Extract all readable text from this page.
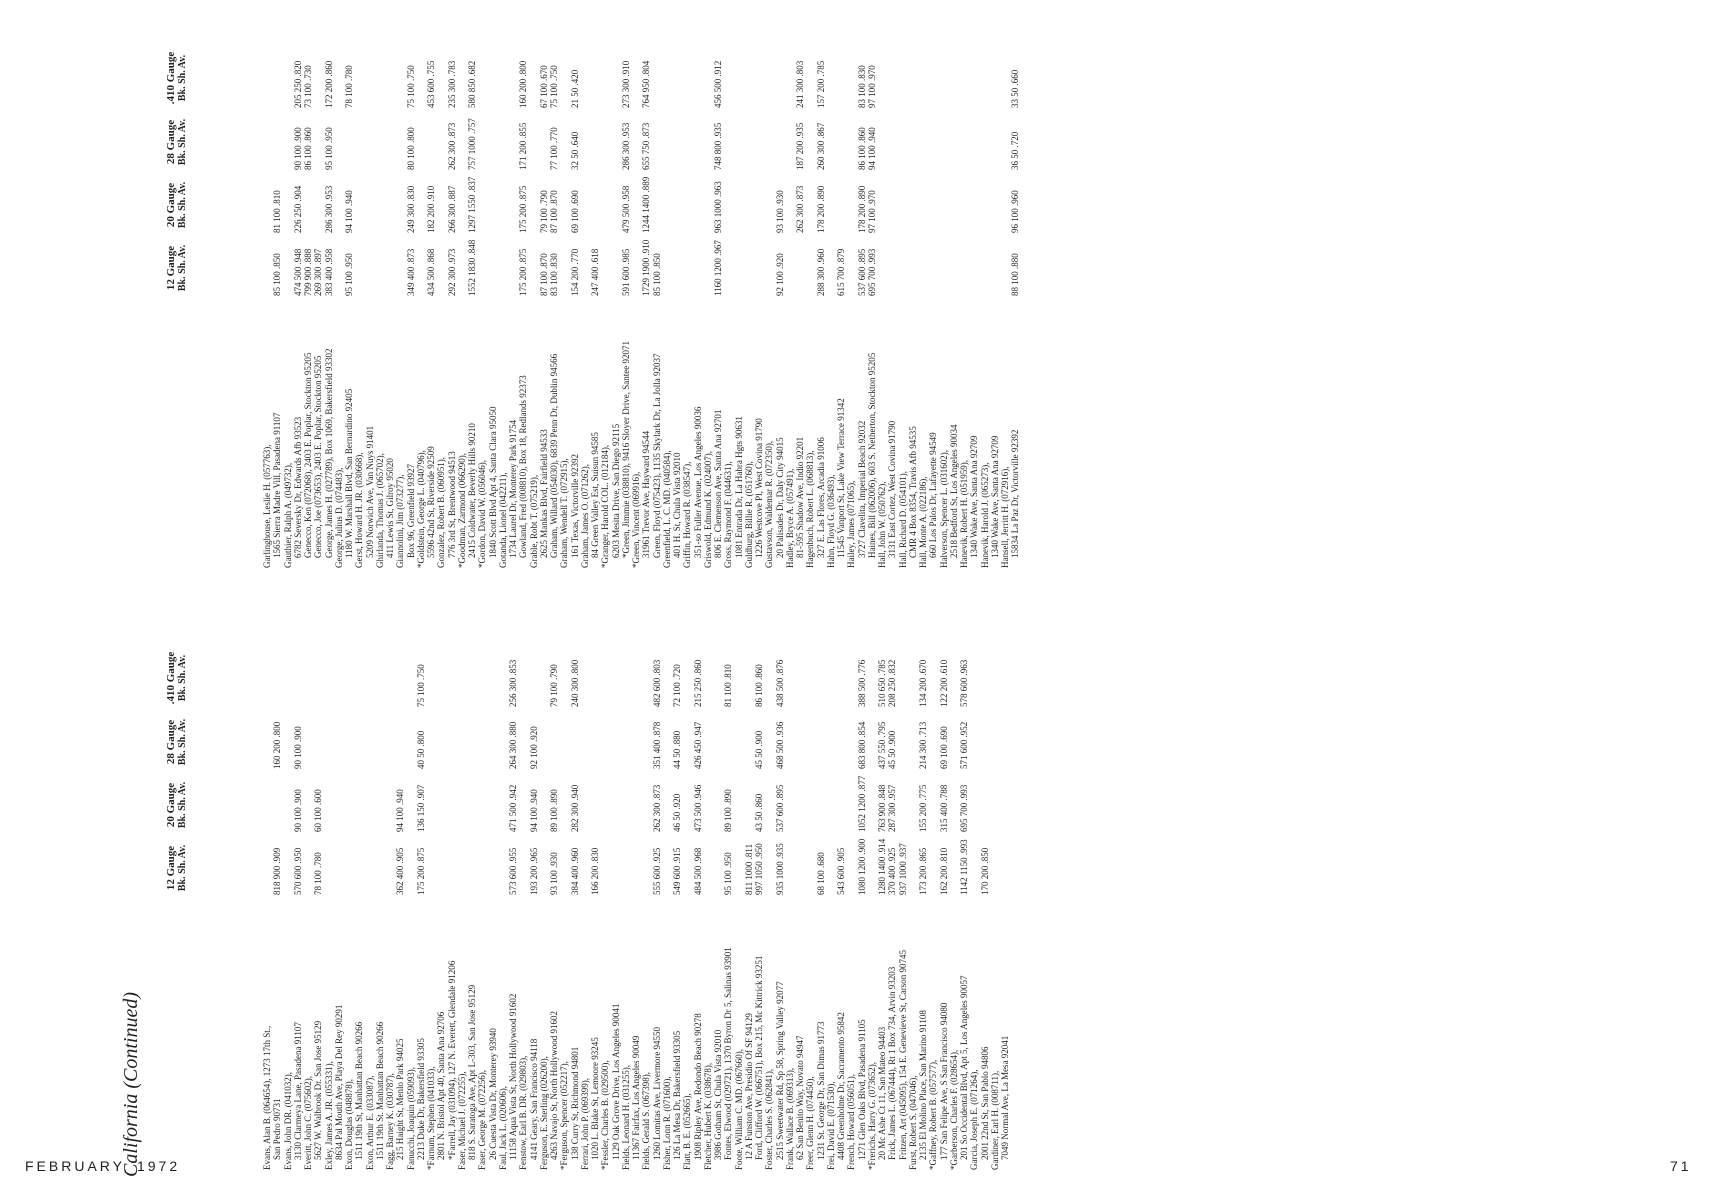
FEBRUARY, 1972	71
California (Continued)
12 Gauge Bk. Sh. Av.
20 Gauge Bk. Sh. Av.
28 Gauge Bk. Sh. Av.
.410 Gauge Bk. Sh. Av.
Evans, Alan B. (064654), 1273 17th St., San Pedro 90731
818 900 .909
160 200 .800
Evans, John DR. (041032), 3130 Clarmeya Lane, Pasadena 91107
570 600 .950
90 100 .900
90 100 .900
Everitt, John C. (075602), 5627 W. Walbrook Dr. San Jose 95129
78 100 .780
60 100 .600
Exley, James A. JR. (055331), 8634 Pal Mouth Ave, Playa Del Rey 90291 Exon, Douglas (048878), 1511 19th St, Manhattan Beach 90266 Exon, Arthur E. (033087), 1511 19th St. Manhattan Beach 90266 Fagg, Barney K. (030787), 215 Haight St, Menlo Park 94025
362 400 .905
94 100 .940
Fanucchi, Joaquin (059093), 2213 Duke Dr, Bakersfield 93305
175 200 .875
136 150 .907
40 50 .800
75 100 .750
*Farnum, Stephen (041033), 2801 N. Bristol Apt 40, Santa Ana 92706 *Farrell, Jay (031094), 127 N. Everett, Glendale 91206 Faser, Michael J. (072255), 818 S. Saratoga Ave, Apt L-303, San Jose 95129 Faser, George M. (072256), 26 Cuesta Vista Dr, Monterey 93940 Faul, Jack L. (020606), 11158 Aqua Vista St, North Hollywood 91602
573 600 .955
471 500 .942
264 300 .880
256 300 .853
Fenstow, Earl B. DR. (029803), 4141 Geary, San Francisco 94118
193 200 .965
94 100 .940
92 100 .920
Ferguson, E. Sterling (026200), 4263 Navajo St, North Hollywood 91602
93 100 .930
89 100 .890
79 100 .790
*Ferguson, Spencer (052217), 138 Curry St, Richmond 94801
384 400 .960
282 300 .940
240 300 .800
Ferrari, John P. (069399), 1020 L. Blake St, Lemoore 93245
166 200 .830
*Fessler, Charles B. (029500), 1129 Oak Grove Drive, Los Angeles 90041 Fields, Leonard H. (031255), 11367 Fairfax, Los Angeles 90049 Fields, Gerald S. (067398), 1260 Lomitas Ave, Livermore 94550
555 600 .925
262 300 .873
351 400 .878
482 600 .803
Fisher, Lonn R. (071600), 126 La Mesa Dr, Bakersfield 93305
549 600 .915
46 50 .920
44 50 .880
72 100 .720
Flatt, B. E. (052665), 1908 Ripley Ave, Redondo Beach 90278
484 500 .968
473 500 .946
426 450 .947
215 250 .860
Fletcher, Hubert K. (038678), 3986 Gotham St, Chula Vista 92010 Fontes, Elwood (029721), 1370 Byron Dr 5, Salinas 93901
95 100 .950
89 100 .890
81 100 .810
Foote, William C. MD. (067660), 12 A Funston Ave, Presidio Of SF 94129
811 1000 .811
Ford, Clifford W. (066751), Box 215, Mc Kittrick 93251
997 1050 .950
43 50 .860
45 50 .900
86 100 .860
Foster, Charles S. (062841), 2515 Sweetwater Rd, Sp 58, Spring Valley 92077
935 1000 .935
537 600 .895
468 500 .936
438 500 .876
Frank, Wallace B. (069313), 62 San Benito Way, Novato 94947 Freer, Glenn H. (074450), 1231 St. George Dr, San Dimas 91773
68 100 .680
Frei, David E. (071530), 4408 Greenholme Dr, Sacramento 95842
543 600 .905
French, Howard (056051), 1271 Glen Oaks Blvd, Pasadena 91105
1080 1200 .900
1052 1200 .877
683 800 .854
388 500 .776
*Frerichs, Harry G. (073652), 20 Mc Ashe Ct 11, San Mateo 94403
1280 1400 .914
763 900 .848
437 550 .795
510 650 .785
Frick, James L. (067444), Rt 1 Box 734, Arvin 93203
370 400 .925
287 300 .957
45 50 .900
208 250 .832
Fritzen, Art (045095), 154 E. Genevieve St, Carson 90745
937 1000 .937
Furst, Robert S. (047046), 2135 El Molino Place, San Marino 91108
173 200 .865
155 200 .775
214 300 .713
134 200 .670
*Gaffney, Robert B. (057577), 177 San Felipe Ave, S San Francisco 94080
162 200 .810
315 400 .788
69 100 .690
122 200 .610
*Garberson, Charles F. (028654), 201 So Occidental Blvd, Apt 5, Los Angeles 90057
1142 1150 .993
695 700 .993
571 600 .952
578 600 .963
Garcia, Joseph E. (071264), 2001 22nd St, San Pablo 94806
170 200 .850
Gardiner, Earl H. (008711), 7049 Normal Ave, La Mesa 92041
12 Gauge Bk. Sh. Av.
20 Gauge Bk. Sh. Av.
28 Gauge Bk. Sh. Av.
.410 Gauge Bk. Sh. Av.
Garlinghouse, Leslie H. (057763), 1565 Sierra Madre Vill, Pasadena 91107
85 100 .850
81 100 .810
Gauthier, Ralph A. (049732), 6782 Seversky Dr, Edwards Afb 93523
474 500 .948
226 250 .904
90 100 .900
205 250 .820
Genecco, Ken (072068), 2403 E. Poplar, Stockton 95205
799 900 .888
86 100 .860
73 100 .730
Genecco, Joe (073653), 2403 E. Poplar, Stockton 95205
269 300 .897
George, James H. (027789), Box 1069, Bakersfield 93302
383 400 .958
286 300 .953
95 100 .950
172 200 .860
George, Julius D. (074483), 1180 W. Marshall Blvd, San Bernardino 92405
95 100 .950
94 100 .940
78 100 .780
Gerst, Howard H. JR. (030668), 5209 Norwich Ave, Van Nuys 91401 Ghirlanda, Thomas J. (065702), 411 Lewis St, Gilroy 95020 Giannolini, Jim (073277), Box 96, Greenfield 93927
349 400 .873
249 300 .830
80 100 .800
75 100 .750
*Goldstein, George L. (040796), 5596 42nd St, Riverside 92509
434 500 .868
182 200 .910
453 600 .755
Gonzalez, Robert B. (060951), 776 3rd St, Brentwood 94513
292 300 .973
266 300 .887
262 300 .873
235 300 .783
*Goodman, Zarmond (066290), 2415 Coldwater, Beverly Hills 90210
1552 1830 .848
1297 1550 .837
757 1000 .757
580 850 .682
*Gordon, David W. (056046), 1840 Scott Blvd Apt 4, Santa Clara 95050 Gotanda, Lionel (042211), 1734 Laurel Dr, Monterey Park 91754 Gowland, Fred (008810), Box 18, Redlands 92373
175 200 .875
175 200 .875
171 200 .855
160 200 .800
Grable, Robt T. (075219), 2625 Mankas Blvd, Fairfield 94533
87 100 .870
79 100 .790
67 100 .670
Graham, Willard (054030), 6839 Penn Dr, Dublin 94566
83 100 .830
87 100 .870
77 100 .770
75 100 .750
Graham, Wendell T. (072915), 161 Texas, Victorville 92392
154 200 .770
69 100 .690
32 50 .640
21 50 .420
Graham, James O. (071262), 84 Green Valley Est, Suisun 94585
247 400 .618
*Granger, Harold COL. (012184), 6203 Mesita Drive, San Diego 92115 *Green, Jimmie (038810), 9416 Sloyer Drive, Santee 92071
591 600 .985
479 500 .958
286 300 .953
273 300 .910
*Green, Vincent (069916), 31961 Trevor Ave, Hayward 94544
1729 1900 .910
1244 1400 .889
655 750 .873
764 950 .804
Green, Floyd (075423), 1135 Skylark Dr, La Jolla 92037
85 100 .850
Greenfield, L. C. MD. (040584), 401 H. St, Chula Vista 92010 Griffin, Howard R. (038547), 351-so Fuller Avenue, Los Angeles 90036 Griswold, Edmund K. (024007), 806 E. Clemenson Ave, Santa Ana 92701
1160 1200 .967
963 1000 .963
748 800 .935
456 500 .912
Gross, Raymond F. (044631), 1081 Entrada Dr, La Habra Hgts 90631 Guldburg, Billie R. (051760), 1226 Westcove Pl, West Covina 91790 Gustavson, Waldemar R. (072350), 20 Palisades Dr, Daly City 94015
92 100 .920
93 100 .930
Hadley, Bryce A. (057491), 81-595 Shadow Ave, Indio 92201
262 300 .873
187 200 .935
241 300 .803
Hagenbuch, Robert L. (068813), 327 E. Las Flores, Arcadia 91006
288 300 .960
178 200 .890
260 300 .867
157 200 .785
Hahn, Floyd G. (036493), 11545 Vanport St, Lake View Terrace 91342
615 700 .879
Hailey, James (071065), 3727 Clavelita, Imperial Beach 92032
537 600 .895
178 200 .890
86 100 .860
83 100 .830
Haines, Bill (062006), 603 S. Netherton, Stockton 95205
695 700 .993
97 100 .970
94 100 .940
97 100 .970
Hall, John W. (050762), 3131 East Cortez, West Covina 91790 Hall, Richard D. (054101), CMR 4 Box 8354, Travis Afb 94535 Hall, Monte A. (022186), 660 Los Palos Dr, Lafayette 94549 Halverson, Spencer L. (031602), 2518 Bedford St, Los Angeles 90034 Hanevik, Robert H. (051959), 1340 Wake Ave, Santa Ana 92709 Hanevik, Harold J. (065273), 1340 Wake Ave, Santa Ana 92709 Hansell, Jerritt H. (072916), 15834 La Paz Dr, Victorville 92392
88 100 .880
96 100 .960
36 50 .720
33 50 .660
